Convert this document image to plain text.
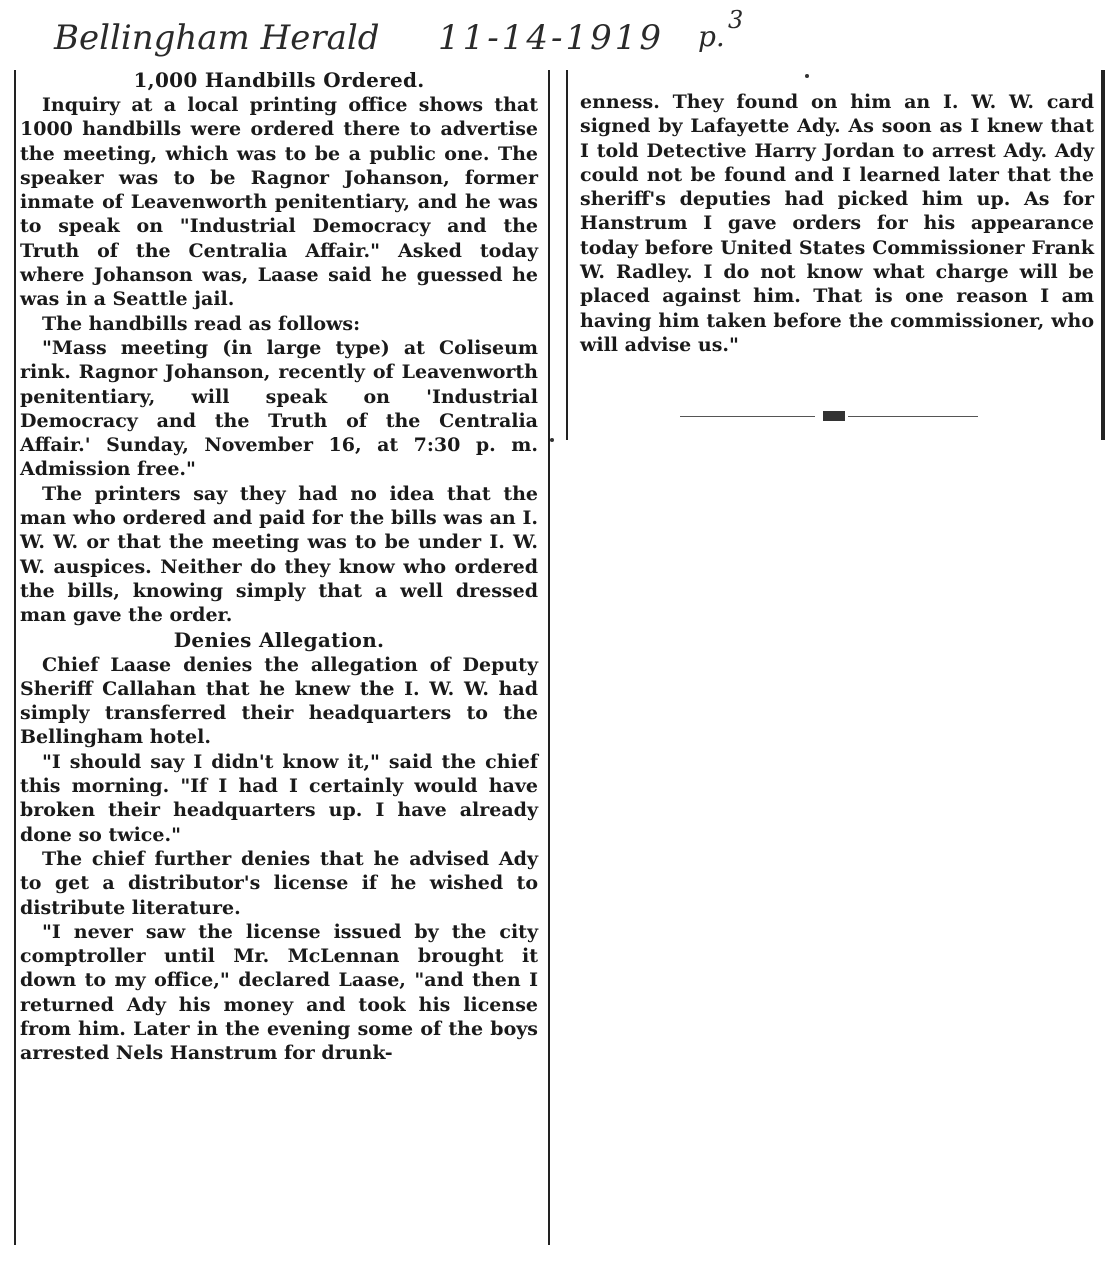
Bellingham Herald 11-14-1919 p. 3
1,000 Handbills Ordered.

Inquiry at a local printing office shows that 1000 handbills were ordered there to advertise the meeting, which was to be a public one. The speaker was to be Ragnor Johanson, former inmate of Leavenworth penitentiary, and he was to speak on "Industrial Democracy and the Truth of the Centralia Affair." Asked today where Johanson was, Laase said he guessed he was in a Seattle jail.

The handbills read as follows:

"Mass meeting (in large type) at Coliseum rink. Ragnor Johanson, recently of Leavenworth penitentiary, will speak on 'Industrial Democracy and the Truth of the Centralia Affair.' Sunday, November 16, at 7:30 p. m. Admission free."

The printers say they had no idea that the man who ordered and paid for the bills was an I. W. W. or that the meeting was to be under I. W. W. auspices. Neither do they know who ordered the bills, knowing simply that a well dressed man gave the order.

Denies Allegation.

Chief Laase denies the allegation of Deputy Sheriff Callahan that he knew the I. W. W. had simply transferred their headquarters to the Bellingham hotel.

"I should say I didn't know it," said the chief this morning. "If I had I certainly would have broken their headquarters up. I have already done so twice."

The chief further denies that he advised Ady to get a distributor's license if he wished to distribute literature.

"I never saw the license issued by the city comptroller until Mr. McLennan brought it down to my office," declared Laase, "and then I returned Ady his money and took his license from him. Later in the evening some of the boys arrested Nels Hanstrum for drunk-

enness. They found on him an I. W. W. card signed by Lafayette Ady. As soon as I knew that I told Detective Harry Jordan to arrest Ady. Ady could not be found and I learned later that the sheriff's deputies had picked him up. As for Hanstrum I gave orders for his appearance today before United States Commissioner Frank W. Radley. I do not know what charge will be placed against him. That is one reason I am having him taken before the commissioner, who will advise us."
